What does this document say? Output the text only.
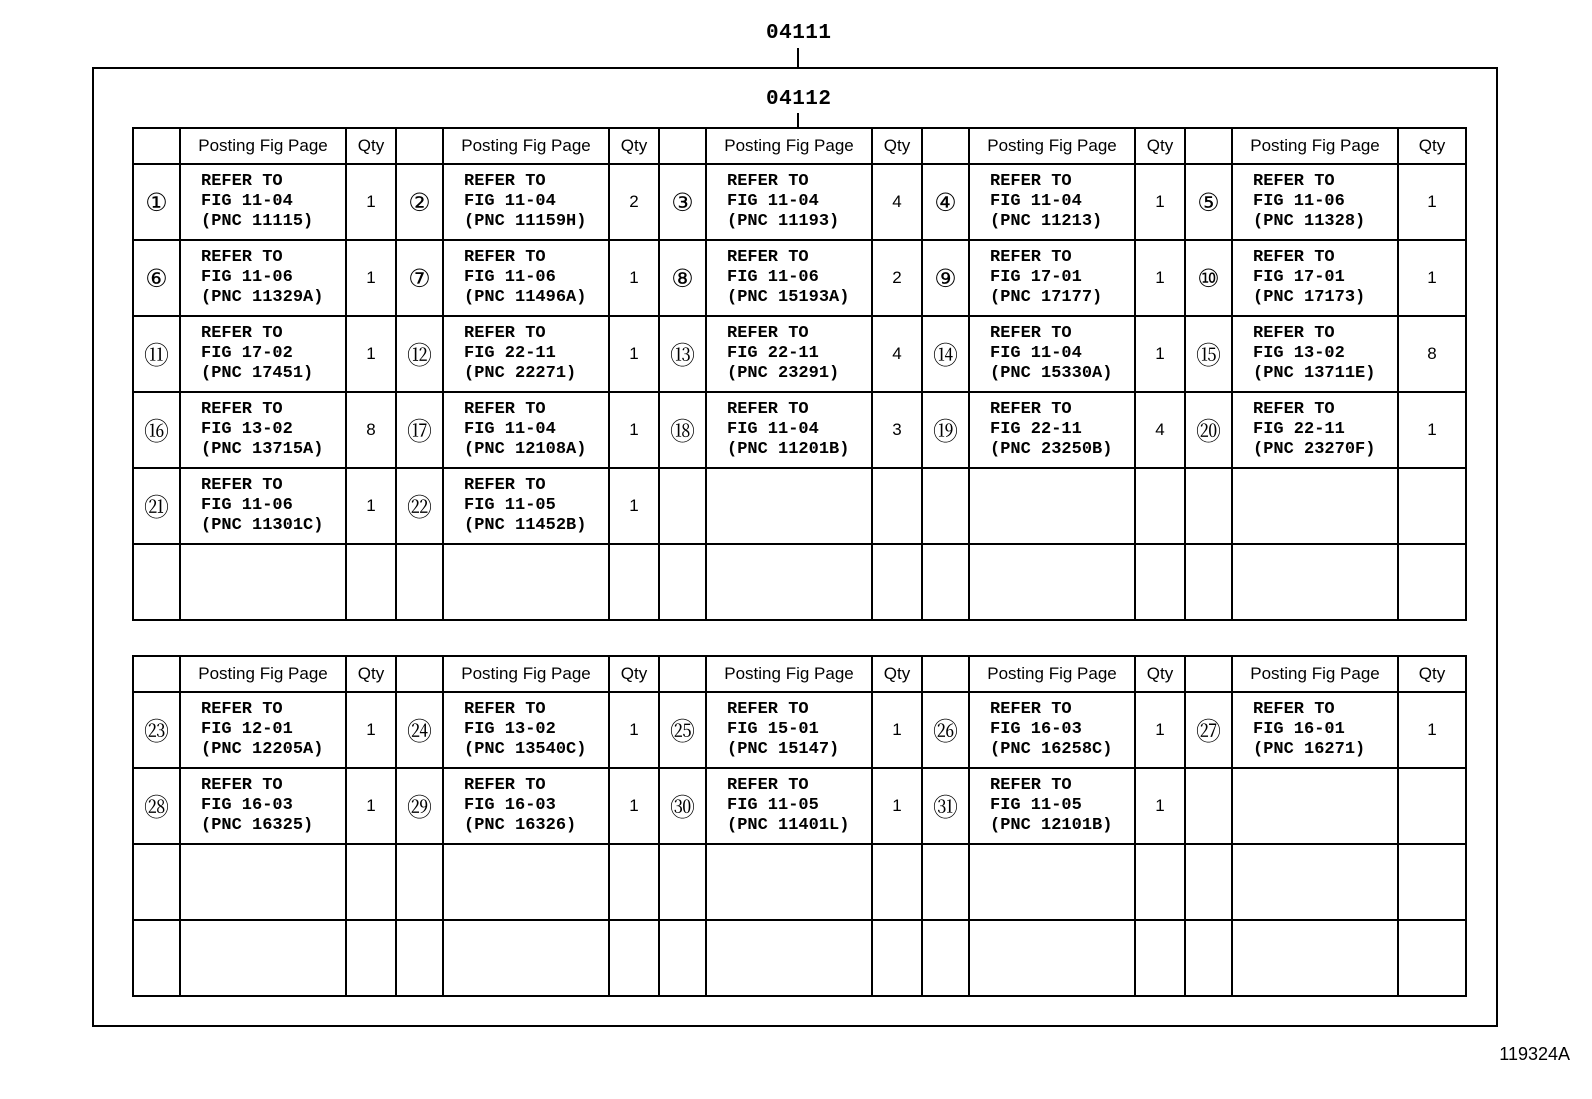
04111
04112
	Posting Fig Page	Qty		Posting Fig Page	Qty		Posting Fig Page	Qty		Posting Fig Page	Qty		Posting Fig Page	Qty
①	REFER TO
FIG 11-04
(PNC 11115)	1	②	REFER TO
FIG 11-04
(PNC 11159H)	2	③	REFER TO
FIG 11-04
(PNC 11193)	4	④	REFER TO
FIG 11-04
(PNC 11213)	1	⑤	REFER TO
FIG 11-06
(PNC 11328)	1
⑥	REFER TO
FIG 11-06
(PNC 11329A)	1	⑦	REFER TO
FIG 11-06
(PNC 11496A)	1	⑧	REFER TO
FIG 11-06
(PNC 15193A)	2	⑨	REFER TO
FIG 17-01
(PNC 17177)	1	⑩	REFER TO
FIG 17-01
(PNC 17173)	1
⑪	REFER TO
FIG 17-02
(PNC 17451)	1	⑫	REFER TO
FIG 22-11
(PNC 22271)	1	⑬	REFER TO
FIG 22-11
(PNC 23291)	4	⑭	REFER TO
FIG 11-04
(PNC 15330A)	1	⑮	REFER TO
FIG 13-02
(PNC 13711E)	8
⑯	REFER TO
FIG 13-02
(PNC 13715A)	8	⑰	REFER TO
FIG 11-04
(PNC 12108A)	1	⑱	REFER TO
FIG 11-04
(PNC 11201B)	3	⑲	REFER TO
FIG 22-11
(PNC 23250B)	4	⑳	REFER TO
FIG 22-11
(PNC 23270F)	1
㉑	REFER TO
FIG 11-06
(PNC 11301C)	1	㉒	REFER TO
FIG 11-05
(PNC 11452B)	1									

	Posting Fig Page	Qty		Posting Fig Page	Qty		Posting Fig Page	Qty		Posting Fig Page	Qty		Posting Fig Page	Qty
㉓	REFER TO
FIG 12-01
(PNC 12205A)	1	㉔	REFER TO
FIG 13-02
(PNC 13540C)	1	㉕	REFER TO
FIG 15-01
(PNC 15147)	1	㉖	REFER TO
FIG 16-03
(PNC 16258C)	1	㉗	REFER TO
FIG 16-01
(PNC 16271)	1
㉘	REFER TO
FIG 16-03
(PNC 16325)	1	㉙	REFER TO
FIG 16-03
(PNC 16326)	1	㉚	REFER TO
FIG 11-05
(PNC 11401L)	1	㉛	REFER TO
FIG 11-05
(PNC 12101B)	1			

119324A
